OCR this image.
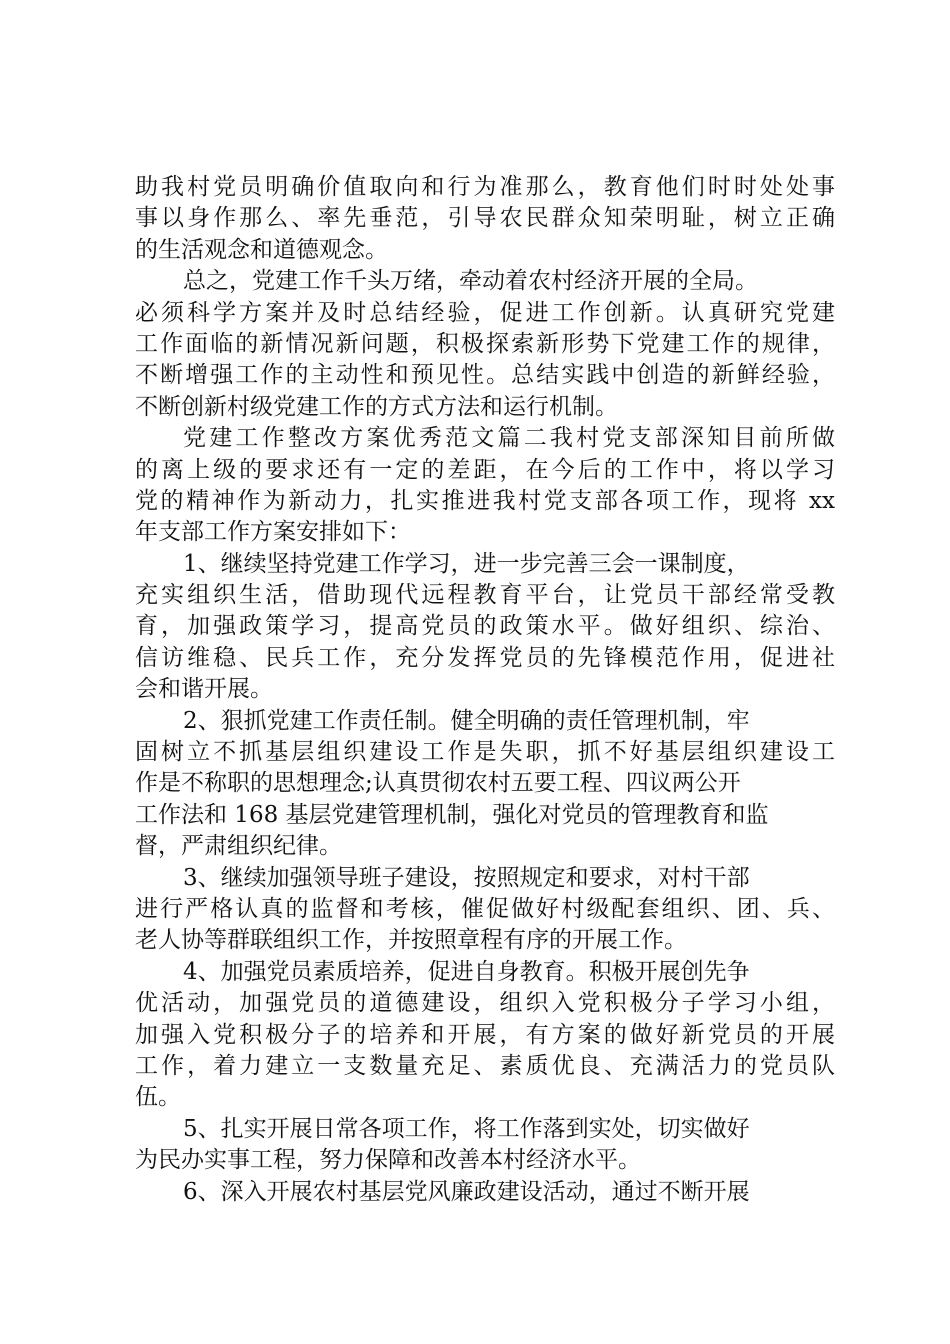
助我村党员明确价值取向和行为准那么，教育他们时时处处事
事以身作那么、率先垂范，引导农民群众知荣明耻，树立正确
的生活观念和道德观念。
总之，党建工作千头万绪，牵动着农村经济开展的全局。
必须科学方案并及时总结经验，促进工作创新。认真研究党建
工作面临的新情况新问题，积极探索新形势下党建工作的规律，
不断增强工作的主动性和预见性。总结实践中创造的新鲜经验，
不断创新村级党建工作的方式方法和运行机制。
党建工作整改方案优秀范文篇二我村党支部深知目前所做
的离上级的要求还有一定的差距，在今后的工作中，将以学习
党的精神作为新动力，扎实推进我村党支部各项工作，现将 xx
年支部工作方案安排如下：
1、继续坚持党建工作学习，进一步完善三会一课制度，
充实组织生活，借助现代远程教育平台，让党员干部经常受教
育，加强政策学习，提高党员的政策水平。做好组织、综治、
信访维稳、民兵工作，充分发挥党员的先锋模范作用，促进社
会和谐开展。
2、狠抓党建工作责任制。健全明确的责任管理机制，牢
固树立不抓基层组织建设工作是失职，抓不好基层组织建设工
作是不称职的思想理念;认真贯彻农村五要工程、四议两公开
工作法和 168 基层党建管理机制，强化对党员的管理教育和监
督，严肃组织纪律。
3、继续加强领导班子建设，按照规定和要求，对村干部
进行严格认真的监督和考核，催促做好村级配套组织、团、兵、
老人协等群联组织工作，并按照章程有序的开展工作。
4、加强党员素质培养，促进自身教育。积极开展创先争
优活动，加强党员的道德建设，组织入党积极分子学习小组，
加强入党积极分子的培养和开展，有方案的做好新党员的开展
工作，着力建立一支数量充足、素质优良、充满活力的党员队
伍。
5、扎实开展日常各项工作，将工作落到实处，切实做好
为民办实事工程，努力保障和改善本村经济水平。
6、深入开展农村基层党风廉政建设活动，通过不断开展
